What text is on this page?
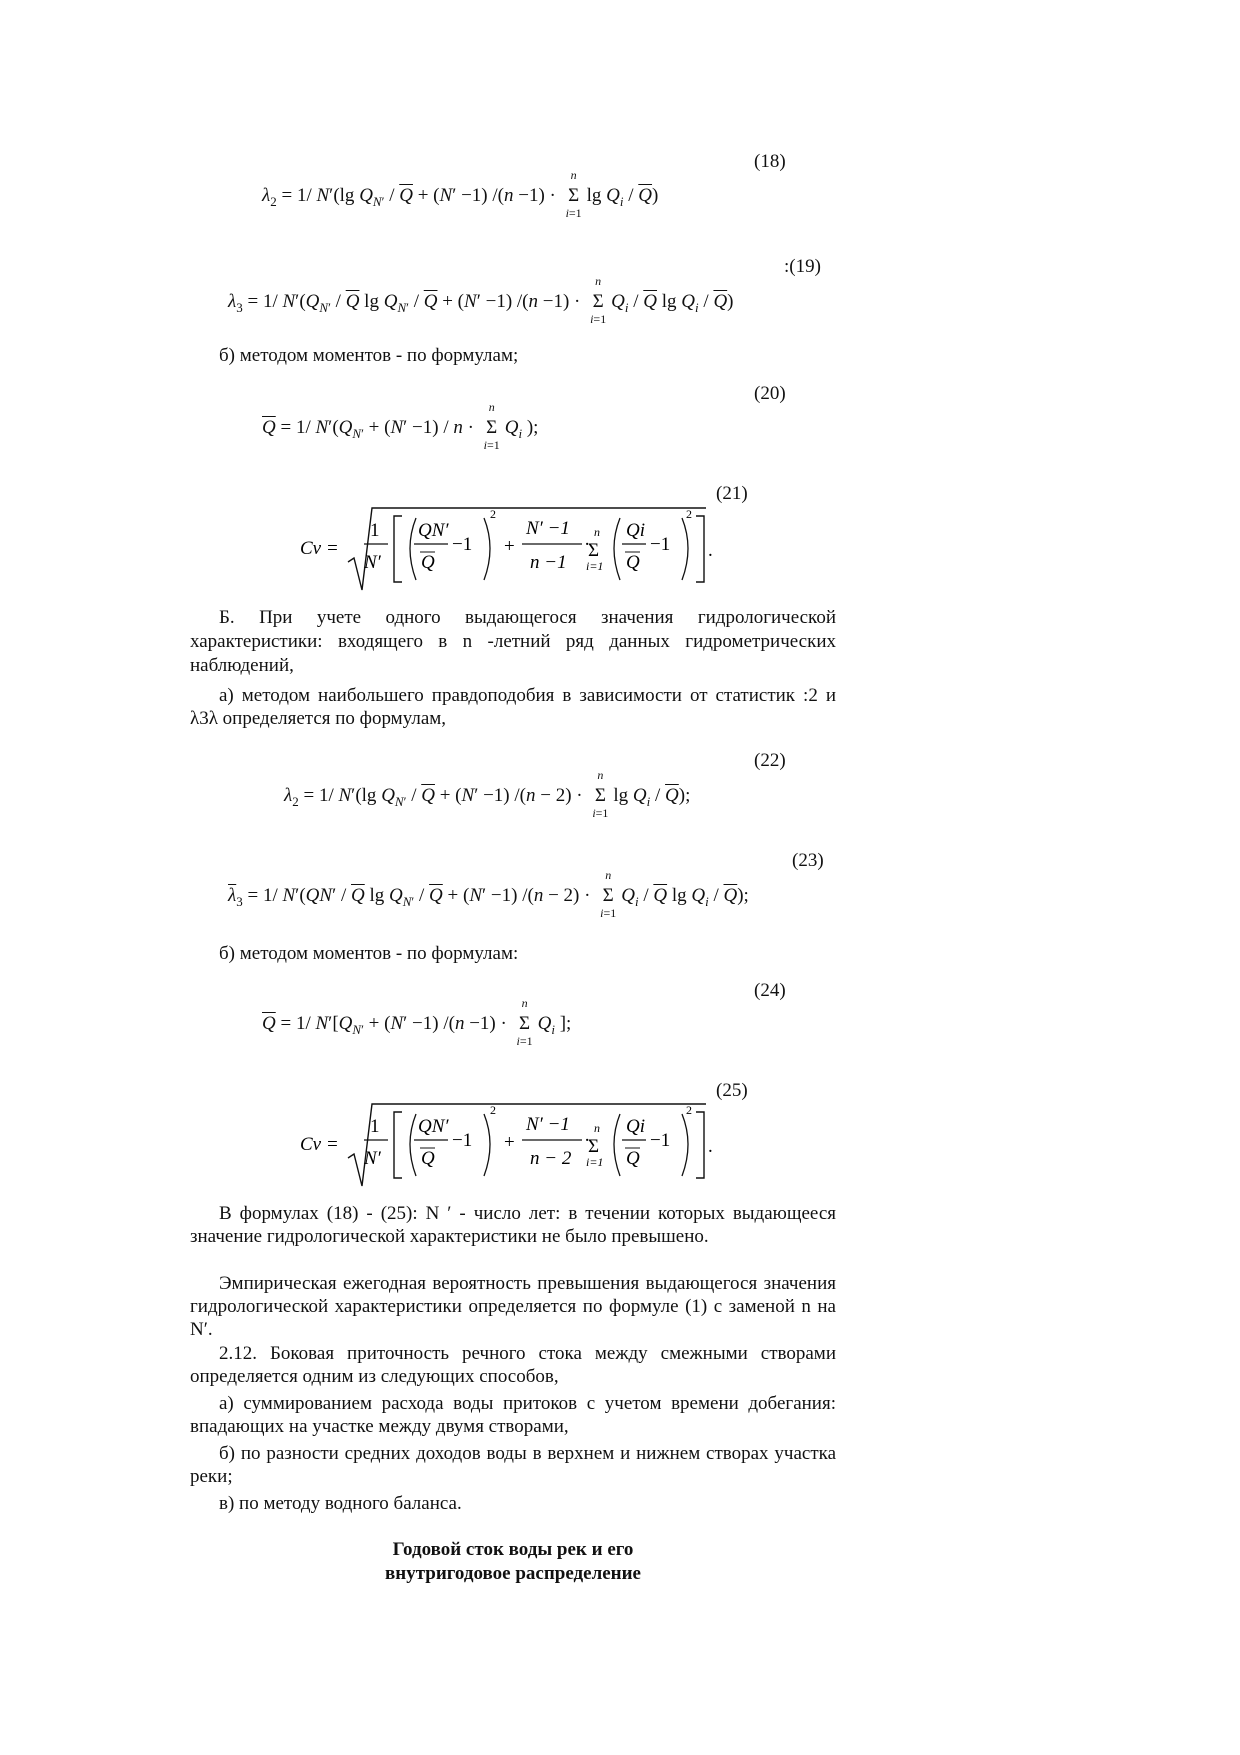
(18)
$\lambda_2 = 1/$ N′(lg $Q_{N'} / \overline{Q} + (N' -1)$ /(n −1) ·
n
Σ
i=1
$\lg Q_i / \overline{Q}$)
:(19)
$\lambda_3 = 1/$ $N'(Q_{N'} / \overline{Q}$ $\lg Q_{N'} / \overline{Q} + (N' -1)$ /(n −1) ·
n
Σ
i=1
$Q_i / \overline{Q}$ $\lg Q_i / \overline{Q}$)
б) методом моментов - по формулам;
(20)
$\overline{Q} = 1/$ $N'(Q_{N'} + (N' -1) / n$ ·
n
Σ
i=1
$Q_i$ );
(21)
Cv =
1
N′
QN′
Q
−1
2
+
N′ −1
n −1
·
n
Σ
i=1
Qi
Q
−1
2
.
Б. При учете одного выдающегося значения гидрологической характеристики: входящего в n -летний ряд данных гидрометрических наблюдений,
а) методом наибольшего правдоподобия в зависимости от статистик :2 и λ3λ определяется по формулам,
(22)
$\lambda_2 = 1/$ N′(lg $Q_{N'} / \overline{Q} + (N' -1) /(n - 2)$ ·
n
Σ
i=1
$\lg Q_i / \overline{Q}$);
(23)
$\overline{\lambda}_3 = 1/$ $N'(QN' / \overline{Q}$ $\lg Q_{N'} / \overline{Q} + (N' -1) /(n - 2)$ ·
n
Σ
i=1
$Q_i / \overline{Q}$ $\lg Q_i / \overline{Q}$);
б) методом моментов - по формулам:
(24)
$\overline{Q} = 1/$ $N'[Q_{N'} + (N' -1)$ /(n −1) ·
n
Σ
i=1
$Q_i$ ];
(25)
Cv =
1
N′
QN′
Q
−1
2
+
N′ −1
n − 2
·
n
Σ
i=1
Qi
Q
−1
2
.
В формулах (18) - (25): N ′ - число лет: в течении которых выдающееся значение гидрологической характеристики не было превышено.
Эмпирическая ежегодная вероятность превышения выдающегося значения гидрологической характеристики определяется по формуле (1) с заменой n на N′.
2.12. Боковая приточность речного стока между смежными створами определяется одним из следующих способов,
а) суммированием расхода воды притоков с учетом времени добегания: впадающих на участке между двумя створами,
б) по разности средних доходов воды в верхнем и нижнем створах участка реки;
в) по методу водного баланса.
Годовой сток воды рек и его
внутригодовое распределение
